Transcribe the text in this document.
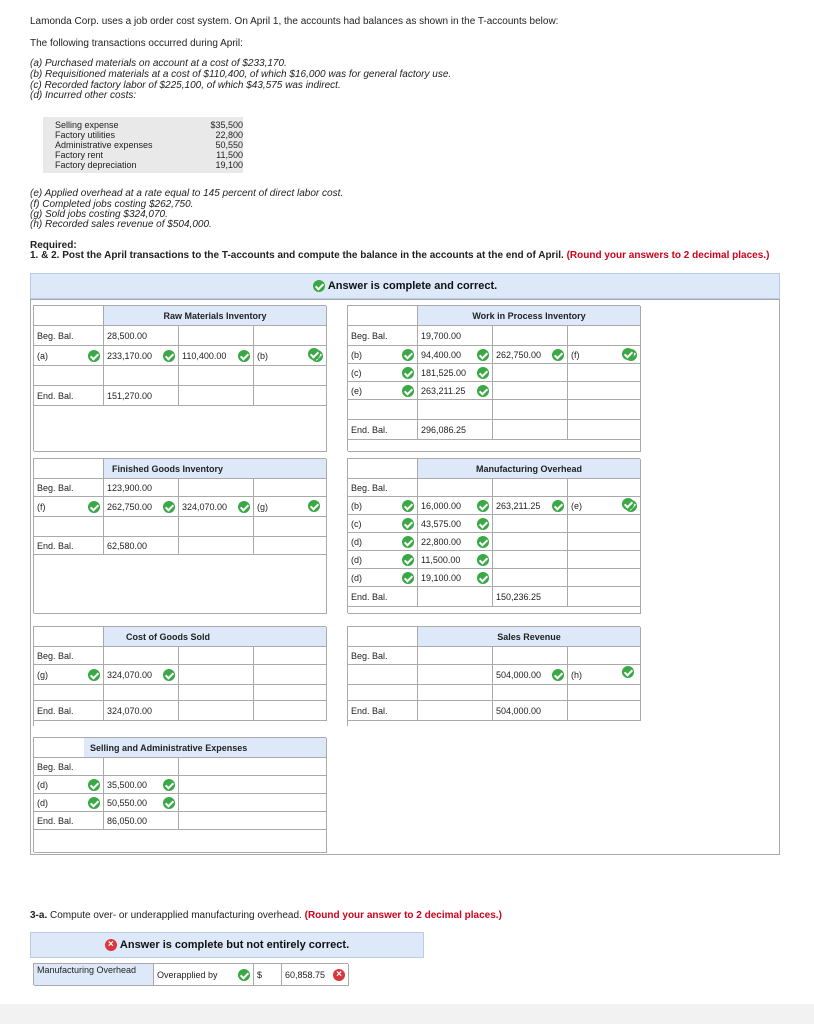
Lamonda Corp. uses a job order cost system. On April 1, the accounts had balances as shown in the T-accounts below:
The following transactions occurred during April:
(a) Purchased materials on account at a cost of $233,170.
(b) Requisitioned materials at a cost of $110,400, of which $16,000 was for general factory use.
(c) Recorded factory labor of $225,100, of which $43,575 was indirect.
(d) Incurred other costs:
Selling expense	$35,500
Factory utilities	22,800
Administrative expenses	50,550
Factory rent	11,500
Factory depreciation	19,100
(e) Applied overhead at a rate equal to 145 percent of direct labor cost.
(f) Completed jobs costing $262,750.
(g) Sold jobs costing $324,070.
(h) Recorded sales revenue of $504,000.
Required:
1. & 2. Post the April transactions to the T-accounts and compute the balance in the accounts at the end of April. (Round your answers to 2 decimal places.)

Answer is complete and correct.
Raw Materials Inventory
Beg. Bal.	28,500.00
(a)	233,170.00	110,400.00	(b)
End. Bal.	151,270.00
Work in Process Inventory
Beg. Bal.	19,700.00
(b)	94,400.00	262,750.00	(f)
(c)	181,525.00
(e)	263,211.25
End. Bal.	296,086.25
Finished Goods Inventory
Beg. Bal.	123,900.00
(f)	262,750.00	324,070.00	(g)
End. Bal.	62,580.00
Manufacturing Overhead
Beg. Bal.
(b)	16,000.00	263,211.25	(e)
(c)	43,575.00
(d)	22,800.00
(d)	11,500.00
(d)	19,100.00
End. Bal.	150,236.25
Cost of Goods Sold
Beg. Bal.
(g)	324,070.00
End. Bal.	324,070.00
Sales Revenue
Beg. Bal.
504,000.00	(h)
End. Bal.	504,000.00
Selling and Administrative Expenses
Beg. Bal.
(d)	35,500.00
(d)	50,550.00
End. Bal.	86,050.00
3-a. Compute over- or underapplied manufacturing overhead. (Round your answer to 2 decimal places.)
×
Answer is complete but not entirely correct.
Manufacturing Overhead	Overapplied by	$	60,858.75	×
